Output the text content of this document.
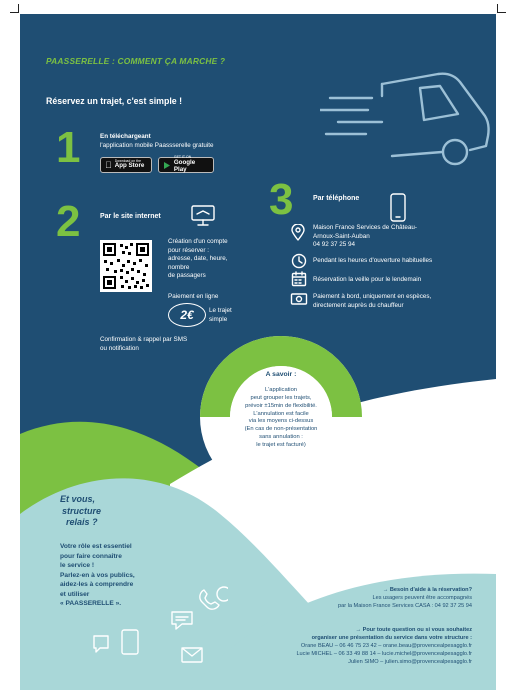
PAASSERELLE : COMMENT ÇA MARCHE ?
Réservez un trajet, c'est simple !
1	En téléchargeant
l'application mobile Paassserelle gratuite
Download on the
App Store
GET IT ON
Google Play
2	Par le site internet
Création d'un compte
pour réserver :
adresse, date, heure,
nombre
de passagers
Paiement en ligne
2€	Le trajet
simple
Confirmation & rappel par SMS
ou notification
3	Par téléphone
Maison France Services de Château-
Arnoux-Saint-Auban
04 92 37 25 94
Pendant les heures d'ouverture habituelles
Réservation la veille pour le lendemain
Paiement à bord, uniquement en espèces,
directement auprès du chauffeur
A savoir :
L'application
peut grouper les trajets,
prévoir ±15min de flexibilité.
L'annulation est facile
via les moyens ci-dessus
(En cas de non-présentation
sans annulation :
le trajet est facturé)
Et vous,
structure
relais ?
Votre rôle est essentiel
pour faire connaître
le service !
Parlez-en à vos publics,
aidez-les à comprendre
et utiliser
« PAASSERELLE ».
→ Besoin d'aide à la réservation?
Les usagers peuvent être accompagnés
par la Maison France Services CASA : 04 92 37 25 94
→ Pour toute question ou si vous souhaitez
organiser une présentation du service dans votre structure :
Orane BEAU – 06 46 75 23 42 – orane.beau@provencealpesagglo.fr
Lucie MICHEL – 06 33 49 88 14 – lucie.michel@provencealpesagglo.fr
Julien SIMO – julien.simo@provencealpesagglo.fr
